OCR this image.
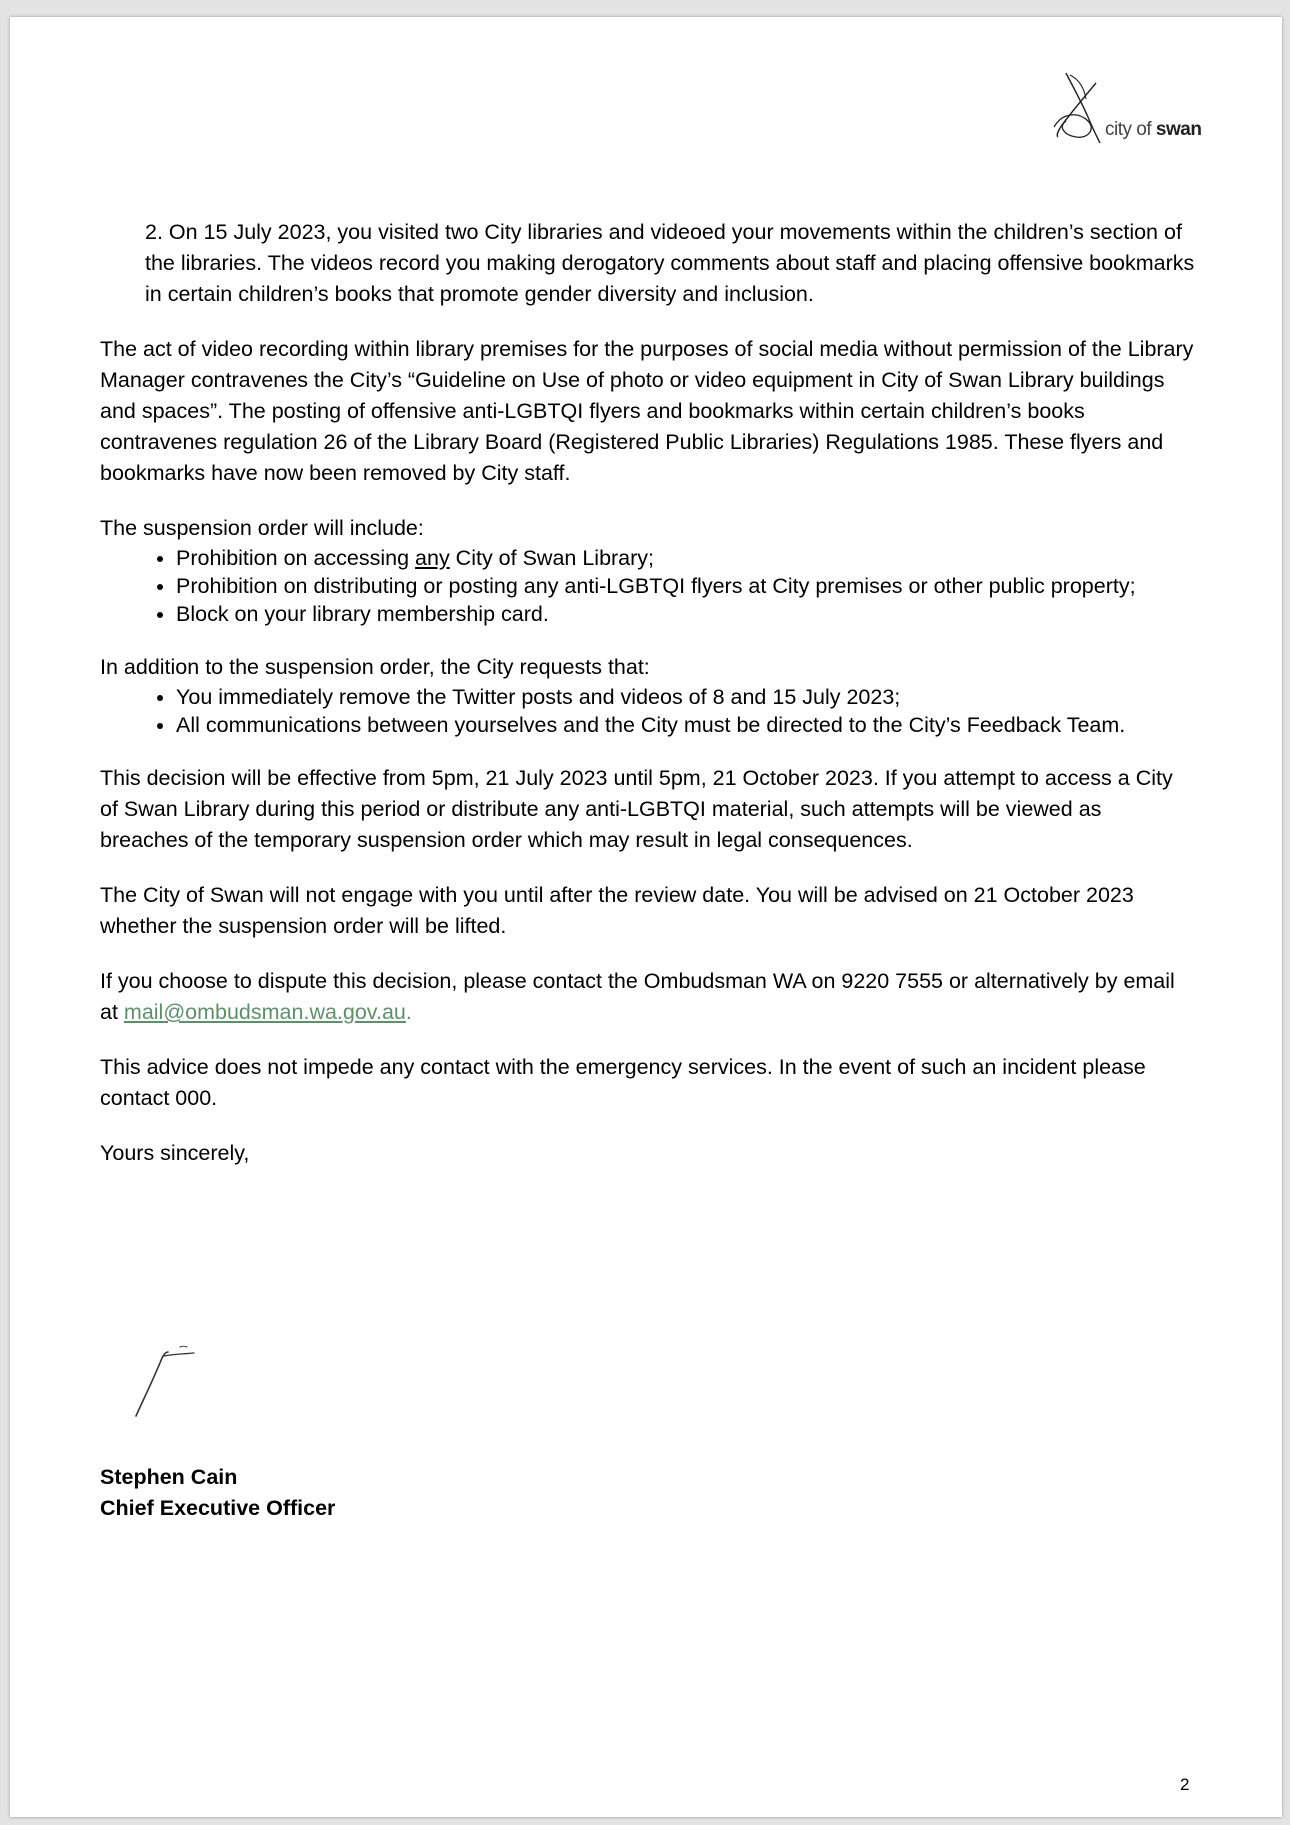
city of swan

2. On 15 July 2023, you visited two City libraries and videoed your movements within the children’s section of the libraries. The videos record you making derogatory comments about staff and placing offensive bookmarks in certain children’s books that promote gender diversity and inclusion.

The act of video recording within library premises for the purposes of social media without permission of the Library Manager contravenes the City’s “Guideline on Use of photo or video equipment in City of Swan Library buildings and spaces”. The posting of offensive anti-LGBTQI flyers and bookmarks within certain children’s books contravenes regulation 26 of the Library Board (Registered Public Libraries) Regulations 1985. These flyers and bookmarks have now been removed by City staff.

The suspension order will include:

• Prohibition on accessing any City of Swan Library;
• Prohibition on distributing or posting any anti-LGBTQI flyers at City premises or other public property;
• Block on your library membership card.

In addition to the suspension order, the City requests that:

• You immediately remove the Twitter posts and videos of 8 and 15 July 2023;
• All communications between yourselves and the City must be directed to the City’s Feedback Team.

This decision will be effective from 5pm, 21 July 2023 until 5pm, 21 October 2023. If you attempt to access a City of Swan Library during this period or distribute any anti-LGBTQI material, such attempts will be viewed as breaches of the temporary suspension order which may result in legal consequences.

The City of Swan will not engage with you until after the review date. You will be advised on 21 October 2023 whether the suspension order will be lifted.

If you choose to dispute this decision, please contact the Ombudsman WA on 9220 7555 or alternatively by email at mail@ombudsman.wa.gov.au.

This advice does not impede any contact with the emergency services. In the event of such an incident please contact 000.

Yours sincerely,

Stephen Cain
Chief Executive Officer
2
